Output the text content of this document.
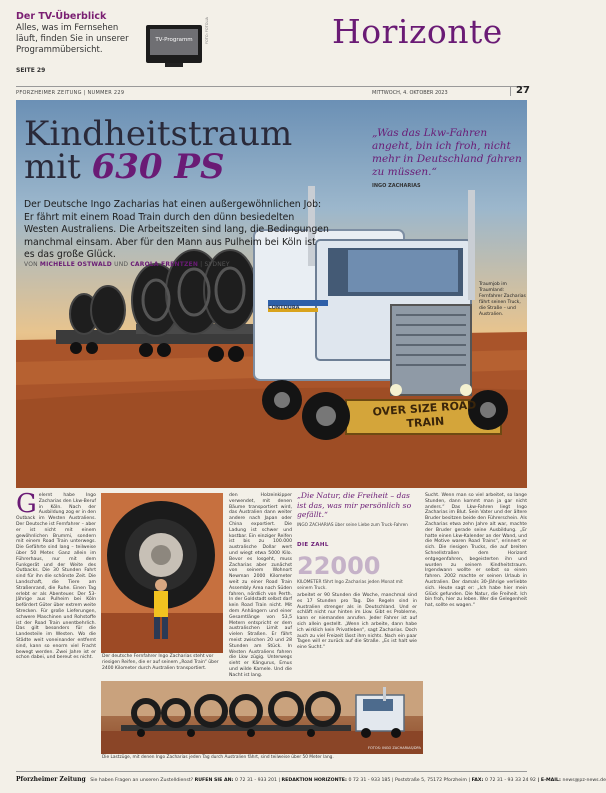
Der TV-Überblick
Alles, was im Fernsehen läuft, finden Sie in unserer Programmübersicht.
SEITE 29
TV-Programm	FOTO: FOTOLIA	Horizonte
PFORZHEIMER ZEITUNG | NUMMER 229	MITTWOCH, 4. OKTOBER 2023	27
OVER SIZE ROAD TRAIN
CONTOURA
Kindheitstraum
mit 630 PS
Der Deutsche Ingo Zacharias hat einen außergewöhnlichen Job: Er fährt mit einem Road Train durch den dünn besiedelten Westen Australiens. Die Arbeitszeiten sind lang, die Bedingungen manchmal einsam. Aber für den Mann aus Pulheim bei Köln ist es das große Glück.
VON MICHELLE OSTWALD UND CAROLA FRENTZEN | SYDNEY
„Was das Lkw-Fahren angeht, bin ich froh, nicht mehr in Deutschland fahren zu müssen.“
INGO ZACHARIAS
Traumjob im Traumland: Fernfahrer Zacharias fährt seinen Truck, die Straße – und Australien.
G elernt habe Ingo Zacharias den Lkw-Beruf in Köln. Nach der Ausbildung zog er in den Outback im Westen Australiens. Der Deutsche ist Fernfahrer – aber er ist nicht mit einem gewöhnlichen Brummi, sondern mit einem Road Train unterwegs. Die Gefährte sind lang – teilweise über 50 Meter. Ganz allein im Führerhaus, nur mit dem Funkgerät und der Weite des Outbacks. Die 30 Stunden Fahrt sind für ihn die schönste Zeit. Die Landschaft, die Tiere am Straßenrand, die Ruhe. Einen Tag erlebt er als Abenteuer. Der 53-Jährige aus Pulheim bei Köln befördert Güter über extrem weite Strecken. Für große Lieferungen, schwere Maschinen und Rohstoffe ist der Road Train unentbehrlich. Das gilt besonders für die Landesteile im Westen. Wo die Städte weit voneinander entfernt sind, kann so enorm viel Fracht bewegt werden. Zwei Jahre ist er schon dabei, und bereut es nicht.	Der deutsche Fernfahrer Ingo Zacharias steht vor riesigen Reifen, die er auf seinem „Road Train“ über 2400 Kilometer durch Australien transportiert.

den Holzeinkipper verwendet, mit denen Bäume transportiert wird, das Australien dann weiter andere nach Japan oder China exportiert. Die Ladung ist schwer und kostbar. Ein einziger Reifen ist bis zu 100.000 australische Dollar wert und wiegt etwa 5000 Kilo. Bevor es losgeht, muss Zacharias aber zunächst von seinem Wohnort Newman 2000 Kilometer weit zu einer Road Train Assembly Area nach Süden fahren, nördlich von Perth. In der Goldstadt selbst darf kein Road Train nicht. Mit dem Anhängern und einer Gesamtlänge von 53,5 Metern entspricht er dem australischen Limit auf vielen Straßen. Er fährt meist zwischen 20 und 28 Stunden am Stück. In Westen Australiens fahren die Lkw zügig. Unterwegs sieht er Kängurus, Emus und wilde Kamele. Und die Nacht ist lang.

„Die Natur, die Freiheit – das ist das, was mir persönlich so gefällt.“
INGO ZACHARIAS über seine Liebe zum Truck-Fahren
DIE ZAHL
22000
KILOMETER fährt Ingo Zacharias jeden Monat mit seinem Truck.

arbeitet er 90 Stunden die Woche, manchmal sind es 17 Stunden pro Tag. Die Regeln sind in Australien strenger als in Deutschland. Und er schläft nicht nur hinten im Lkw. Gibt es Probleme, kann er niemanden anrufen. Jeder Fahrer ist auf sich allein gestellt. „Wenn ich arbeite, dann habe ich wirklich kein Privatleben“, sagt Zacharias. Doch auch zu viel Freizeit lässt ihm nichts. Nach ein paar Tagen will er zurück auf die Straße. „Es ist halt wie eine Sucht.“

Sucht. Wenn man so viel arbeitet, so lange Stunden, dann kommt man ja gar nicht anders.“ Das Lkw-Fahren liegt Ingo Zacharias im Blut. Sein Vater und der ältere Bruder besitzen beide den Führerschein. Als Zacharias etwa zehn Jahre alt war, machte der Bruder gerade seine Ausbildung. „Er hatte einen Lkw-Kalender an der Wand, und die Motive waren Road Trains“, erinnert er sich. Die riesigen Trucks, die auf breiten Schnellstraßen dem Horizont entgegenfahren, begeisterten ihn und wurden zu seinem Kindheitstraum. Irgendwann wollte er selbst so einen fahren. 2002 machte er seinen Urlaub in Australien. Der damals 30-Jährige verliebte sich. Heute sagt er: „Ich habe hier mein Glück gefunden. Die Natur, die Freiheit. Ich bin froh, hier zu leben. Wer die Gelegenheit hat, sollte es wagen.“

FOTOS: INGO ZACHARIAS/DPA
Die Lastzüge, mit denen Ingo Zacharias jeden Tag durch Australien fährt, sind teilweise über 50 Meter lang.
Pforzheimer Zeitung Sie haben Fragen an unseren Zustelldienst? RUFEN SIE AN: 0 72 31 - 933 201 | REDAKTION HORIZONTE: 0 72 31 - 933 185 | Poststraße 5, 75172 Pforzheim | FAX: 0 72 31 - 93 33 24 92 | E-MAIL: news@pz-news.de
